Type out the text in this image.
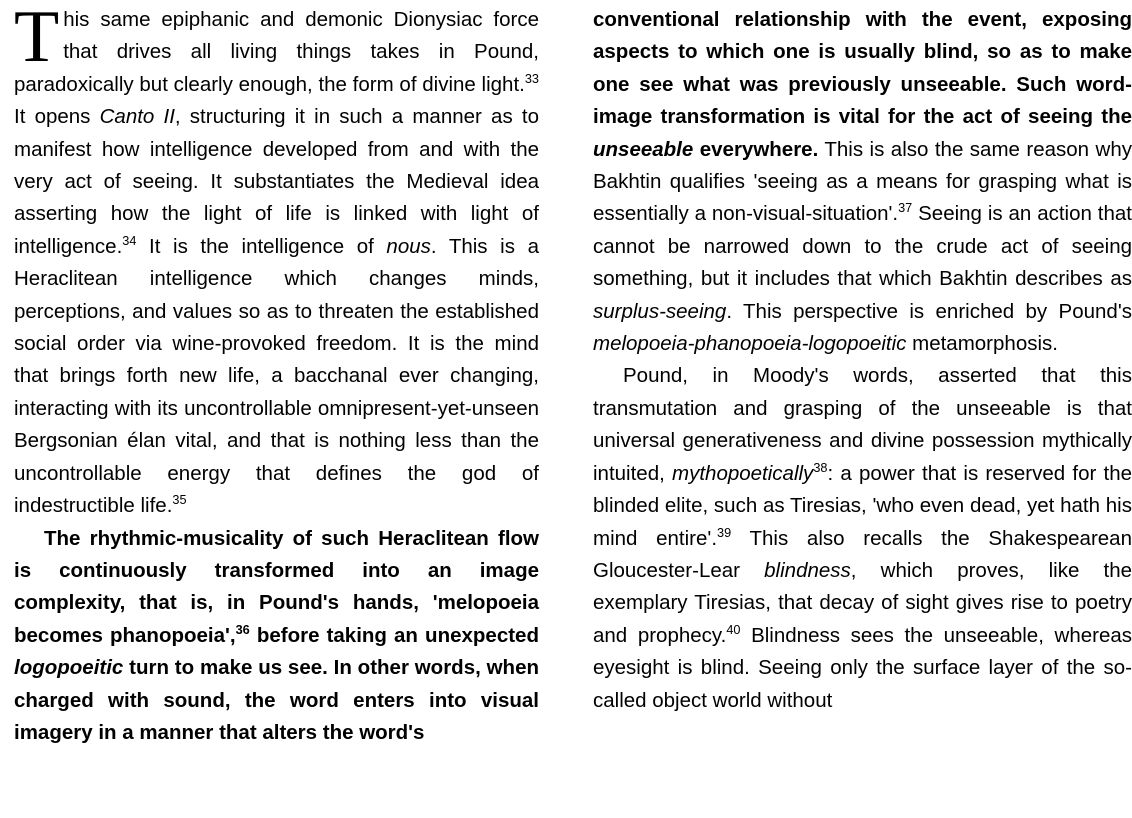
This same epiphanic and demonic Dionysiac force that drives all living things takes in Pound, paradoxically but clearly enough, the form of divine light.$^{33}$ It opens Canto II, structuring it in such a manner as to manifest how intelligence developed from and with the very act of seeing. It substantiates the Medieval idea asserting how the light of life is linked with light of intelligence.$^{34}$ It is the intelligence of nous. This is a Heraclitean intelligence which changes minds, perceptions, and values so as to threaten the established social order via wine-provoked freedom. It is the mind that brings forth new life, a bacchanal ever changing, interacting with its uncontrollable omnipresent-yet-unseen Bergsonian élan vital, and that is nothing less than the uncontrollable energy that defines the god of indestructible life.$^{35}$

The rhythmic-musicality of such Heraclitean flow is continuously transformed into an image complexity, that is, in Pound's hands, 'melopoeia becomes phanopoeia',$^{36}$ before taking an unexpected logopoeitic turn to make us see. In other words, when charged with sound, the word enters into visual imagery in a manner that alters the word's

conventional relationship with the event, exposing aspects to which one is usually blind, so as to make one see what was previously unseeable. Such word-image transformation is vital for the act of seeing the unseeable everywhere. This is also the same reason why Bakhtin qualifies 'seeing as a means for grasping what is essentially a non-visual-situation'.$^{37}$ Seeing is an action that cannot be narrowed down to the crude act of seeing something, but it includes that which Bakhtin describes as surplus-seeing. This perspective is enriched by Pound's melopoeia-phanopoeia-logopoeitic metamorphosis.

Pound, in Moody's words, asserted that this transmutation and grasping of the unseeable is that universal generativeness and divine possession mythically intuited, mythopoetically$^{38}$: a power that is reserved for the blinded elite, such as Tiresias, 'who even dead, yet hath his mind entire'.$^{39}$ This also recalls the Shakespearean Gloucester-Lear blindness, which proves, like the exemplary Tiresias, that decay of sight gives rise to poetry and prophecy.$^{40}$ Blindness sees the unseeable, whereas eyesight is blind. Seeing only the surface layer of the so-called object world without
